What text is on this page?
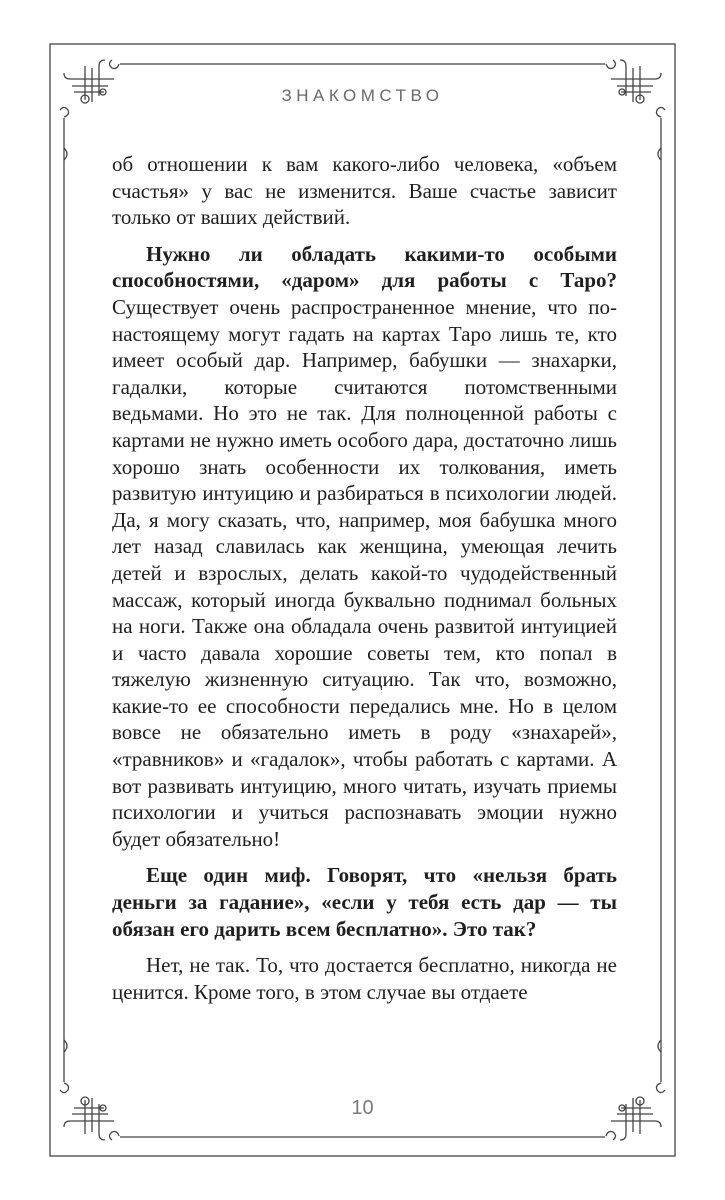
ЗНАКОМСТВО

об отношении к вам какого-либо человека, «объем счастья» у вас не изменится. Ваше счастье зависит только от ваших действий.

Нужно ли обладать какими-то особыми способностями, «даром» для работы с Таро? Существует очень распространенное мнение, что по-настоящему могут гадать на картах Таро лишь те, кто имеет особый дар. Например, бабушки — знахарки, гадалки, которые считаются потомственными ведьмами. Но это не так. Для полноценной работы с картами не нужно иметь особого дара, достаточно лишь хорошо знать особенности их толкования, иметь развитую интуицию и разбираться в психологии людей. Да, я могу сказать, что, например, моя бабушка много лет назад славилась как женщина, умеющая лечить детей и взрослых, делать какой-то чудодейственный массаж, который иногда буквально поднимал больных на ноги. Также она обладала очень развитой интуицией и часто давала хорошие советы тем, кто попал в тяжелую жизненную ситуацию. Так что, возможно, какие-то ее способности передались мне. Но в целом вовсе не обязательно иметь в роду «знахарей», «травников» и «гадалок», чтобы работать с картами. А вот развивать интуицию, много читать, изучать приемы психологии и учиться распознавать эмоции нужно будет обязательно!

Еще один миф. Говорят, что «нельзя брать деньги за гадание», «если у тебя есть дар — ты обязан его дарить всем бесплатно». Это так?

Нет, не так. То, что достается бесплатно, никогда не ценится. Кроме того, в этом случае вы отдаете

10
